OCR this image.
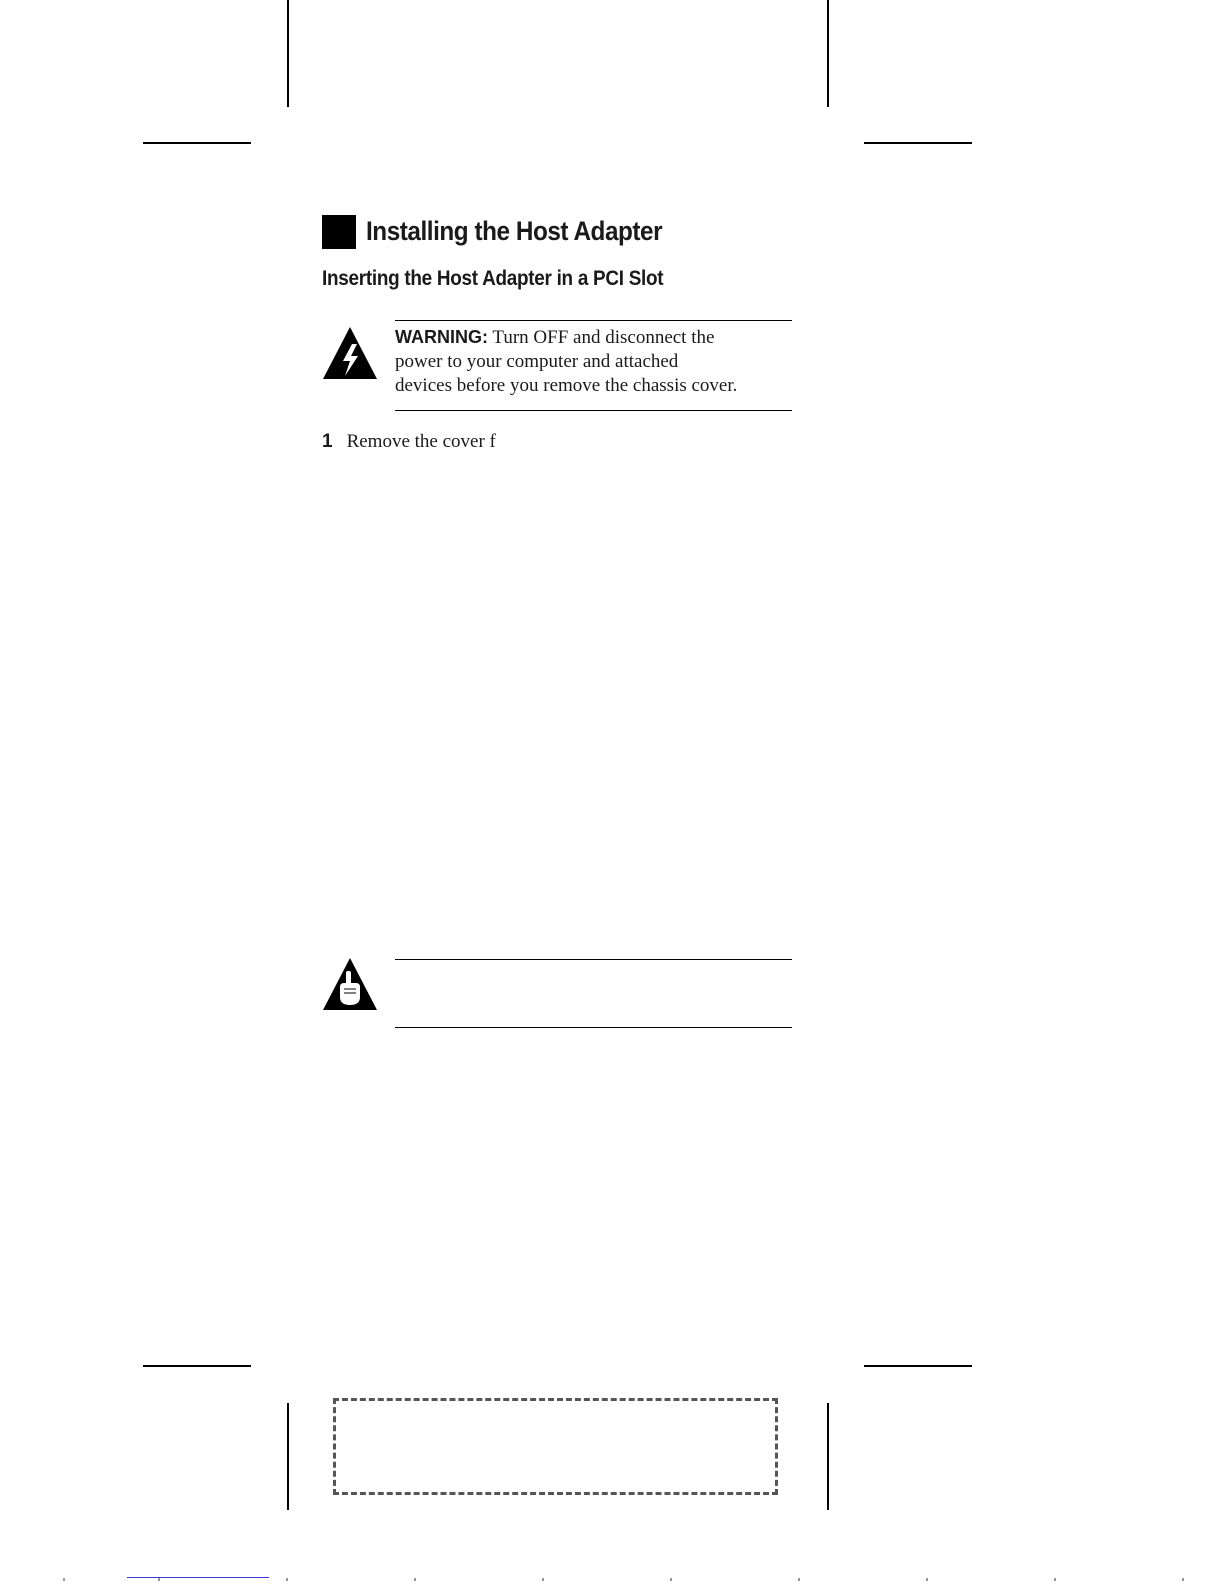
Installing the Host Adapter
Inserting the Host Adapter in a PCI Slot

WARNING: Turn OFF and disconnect the
power to your computer and attached
devices before you remove the chassis cover.

1 Remove the cover f
